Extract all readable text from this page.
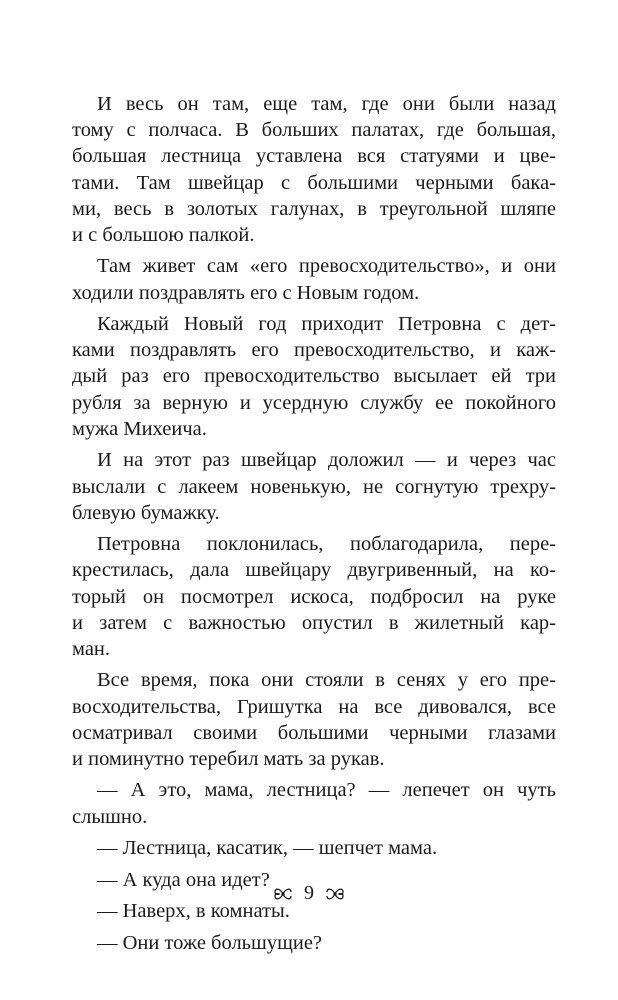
И весь он там, еще там, где они были назад
тому с полчаса. В больших палатах, где большая,
большая лестница уставлена вся статуями и цве-
тами. Там швейцар с большими черными бака-
ми, весь в золотых галунах, в треугольной шляпе
и с большою палкой.
Там живет сам «его превосходительство», и они
ходили поздравлять его с Новым годом.
Каждый Новый год приходит Петровна с дет-
ками поздравлять его превосходительство, и каж-
дый раз его превосходительство высылает ей три
рубля за верную и усердную службу ее покойного
мужа Михеича.
И на этот раз швейцар доложил — и через час
выслали с лакеем новенькую, не согнутую трехру-
блевую бумажку.
Петровна поклонилась, поблагодарила, пере-
крестилась, дала швейцару двугривенный, на ко-
торый он посмотрел искоса, подбросил на руке
и затем с важностью опустил в жилетный кар-
ман.
Все время, пока они стояли в сенях у его пре-
восходительства, Гришутка на все дивовался, все
осматривал своими большими черными глазами
и поминутно теребил мать за рукав.
— А это, мама, лестница? — лепечет он чуть
слышно.
— Лестница, касатик, — шепчет мама.
— А куда она идет?
— Наверх, в комнаты.
— Они тоже большущие?
9
